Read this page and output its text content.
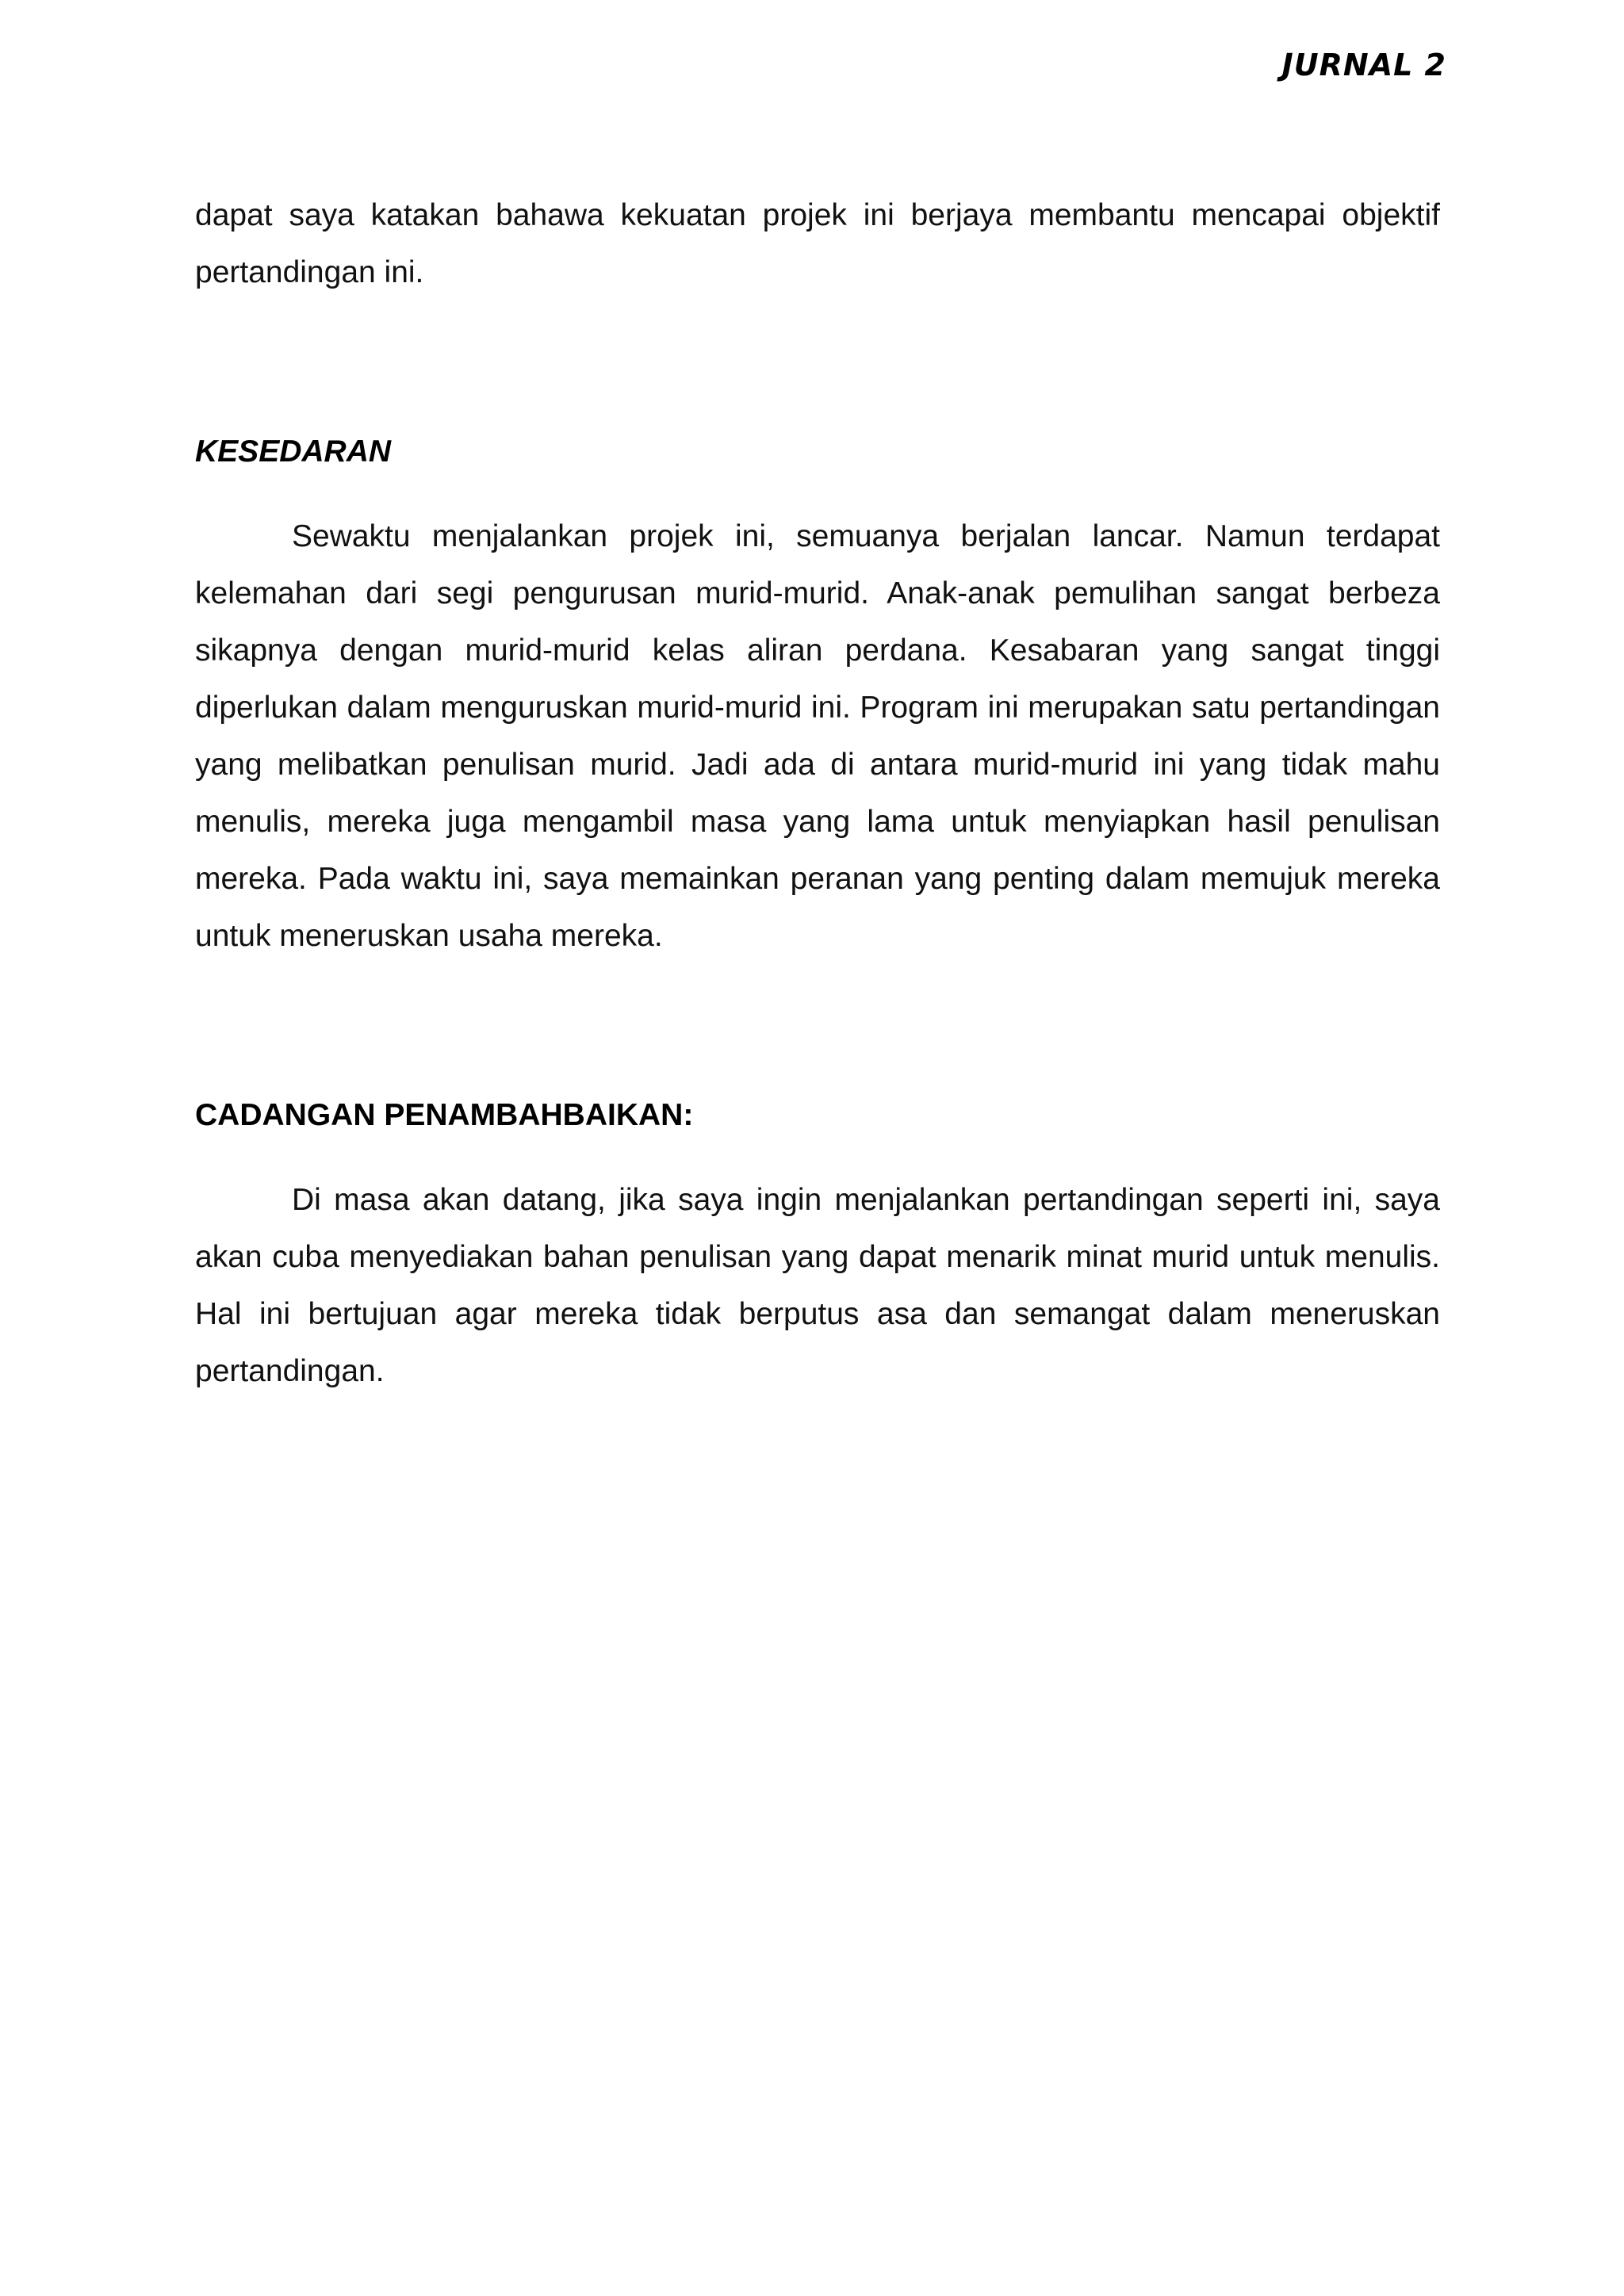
JURNAL 2

dapat saya katakan bahawa kekuatan projek ini berjaya membantu mencapai objektif pertandingan ini.

KESEDARAN

Sewaktu menjalankan projek ini, semuanya berjalan lancar. Namun terdapat kelemahan dari segi pengurusan murid-murid. Anak-anak pemulihan sangat berbeza sikapnya dengan murid-murid kelas aliran perdana. Kesabaran yang sangat tinggi diperlukan dalam menguruskan murid-murid ini. Program ini merupakan satu pertandingan yang melibatkan penulisan murid. Jadi ada di antara murid-murid ini yang tidak mahu menulis, mereka juga mengambil masa yang lama untuk menyiapkan hasil penulisan mereka. Pada waktu ini, saya memainkan peranan yang penting dalam memujuk mereka untuk meneruskan usaha mereka.

CADANGAN PENAMBAHBAIKAN:

Di masa akan datang, jika saya ingin menjalankan pertandingan seperti ini, saya akan cuba menyediakan bahan penulisan yang dapat menarik minat murid untuk menulis. Hal ini bertujuan agar mereka tidak berputus asa dan semangat dalam meneruskan pertandingan.
